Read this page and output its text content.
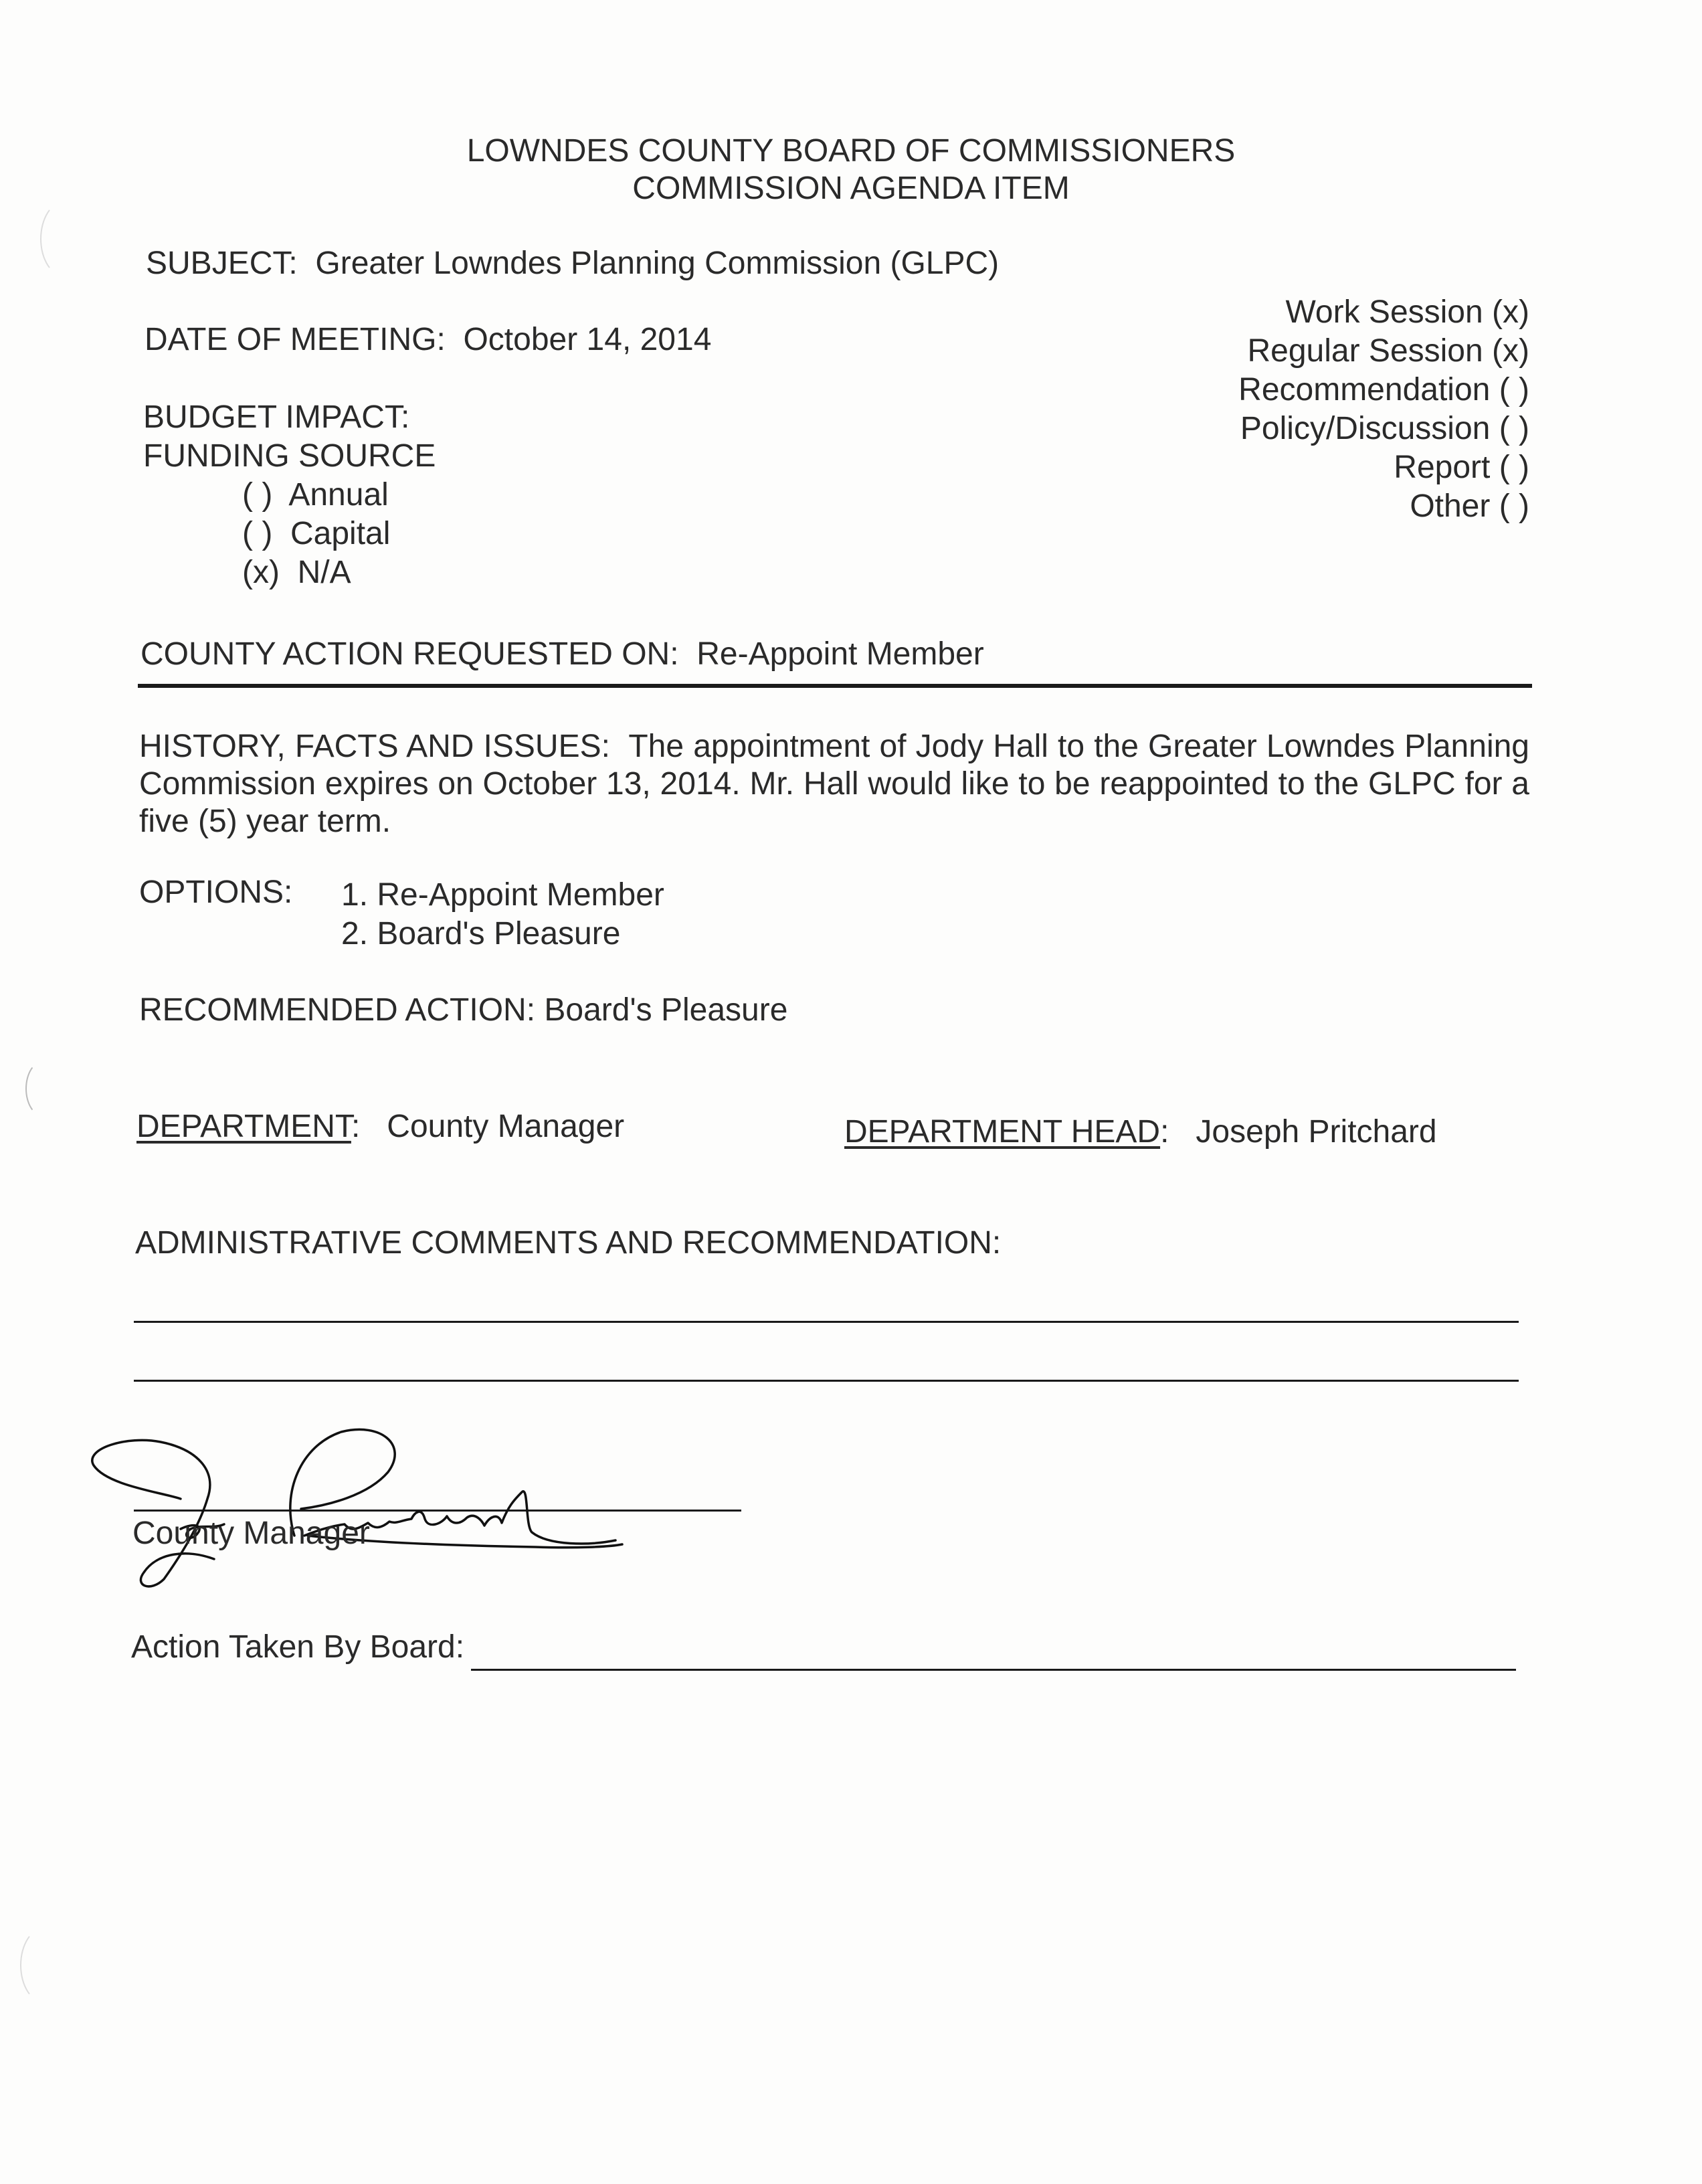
LOWNDES COUNTY BOARD OF COMMISSIONERS
COMMISSION AGENDA ITEM
SUBJECT: Greater Lowndes Planning Commission (GLPC)
DATE OF MEETING: October 14, 2014
Work Session (x)
Regular Session (x)
Recommendation ( )
Policy/Discussion ( )
Report ( )
Other ( )
BUDGET IMPACT:
FUNDING SOURCE
( ) Annual
( ) Capital
(x) N/A
COUNTY ACTION REQUESTED ON: Re-Appoint Member
HISTORY, FACTS AND ISSUES: The appointment of Jody Hall to the Greater Lowndes Planning Commission expires on October 13, 2014. Mr. Hall would like to be reappointed to the GLPC for a five (5) year term.
OPTIONS: 1. Re-Appoint Member
2. Board's Pleasure
RECOMMENDED ACTION: Board's Pleasure
DEPARTMENT:   County Manager	DEPARTMENT HEAD:   Joseph Pritchard
ADMINISTRATIVE COMMENTS AND RECOMMENDATION:
County Manager
Action Taken By Board:
